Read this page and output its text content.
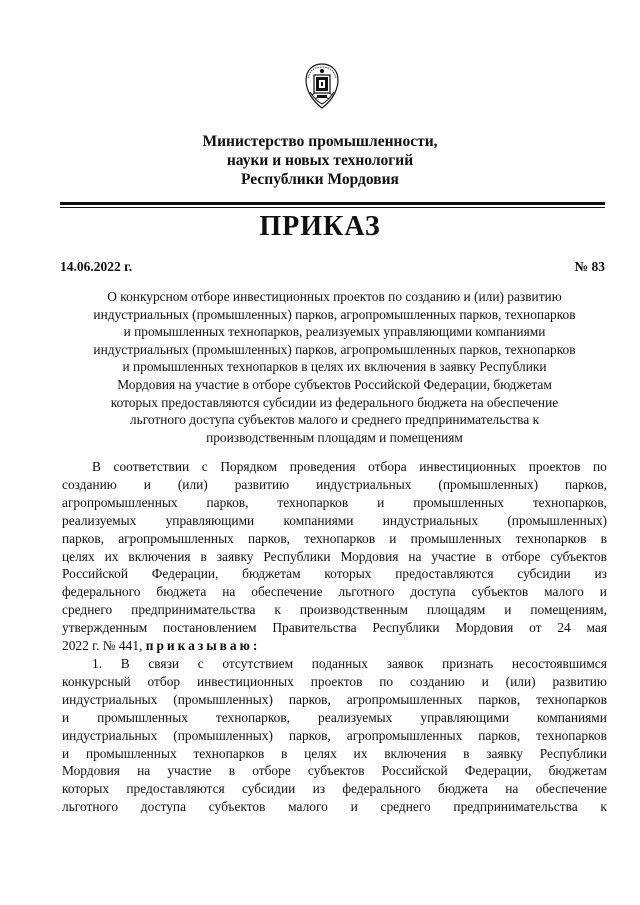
Министерство промышленности,
науки и новых технологий
Республики Мордовия
ПРИКАЗ
14.06.2022 г.	№ 83
О конкурсном отборе инвестиционных проектов по созданию и (или) развитию
индустриальных (промышленных) парков, агропромышленных парков, технопарков
и промышленных технопарков, реализуемых управляющими компаниями
индустриальных (промышленных) парков, агропромышленных парков, технопарков
и промышленных технопарков в целях их включения в заявку Республики
Мордовия на участие в отборе субъектов Российской Федерации, бюджетам
которых предоставляются субсидии из федерального бюджета на обеспечение
льготного доступа субъектов малого и среднего предпринимательства к
производственным площадям и помещениям
В соответствии с Порядком проведения отбора инвестиционных проектов по
созданию и (или) развитию индустриальных (промышленных) парков,
агропромышленных парков, технопарков и промышленных технопарков,
реализуемых управляющими компаниями индустриальных (промышленных)
парков, агропромышленных парков, технопарков и промышленных технопарков в
целях их включения в заявку Республики Мордовия на участие в отборе субъектов
Российской Федерации, бюджетам которых предоставляются субсидии из
федерального бюджета на обеспечение льготного доступа субъектов малого и
среднего предпринимательства к производственным площадям и помещениям,
утвержденным постановлением Правительства Республики Мордовия от 24 мая
2022 г. № 441,
приказываю:
1. В связи с отсутствием поданных заявок признать несостоявшимся
конкурсный отбор инвестиционных проектов по созданию и (или) развитию
индустриальных (промышленных) парков, агропромышленных парков, технопарков
и промышленных технопарков, реализуемых управляющими компаниями
индустриальных (промышленных) парков, агропромышленных парков, технопарков
и промышленных технопарков в целях их включения в заявку Республики
Мордовия на участие в отборе субъектов Российской Федерации, бюджетам
которых предоставляются субсидии из федерального бюджета на обеспечение
льготного доступа субъектов малого и среднего предпринимательства к
